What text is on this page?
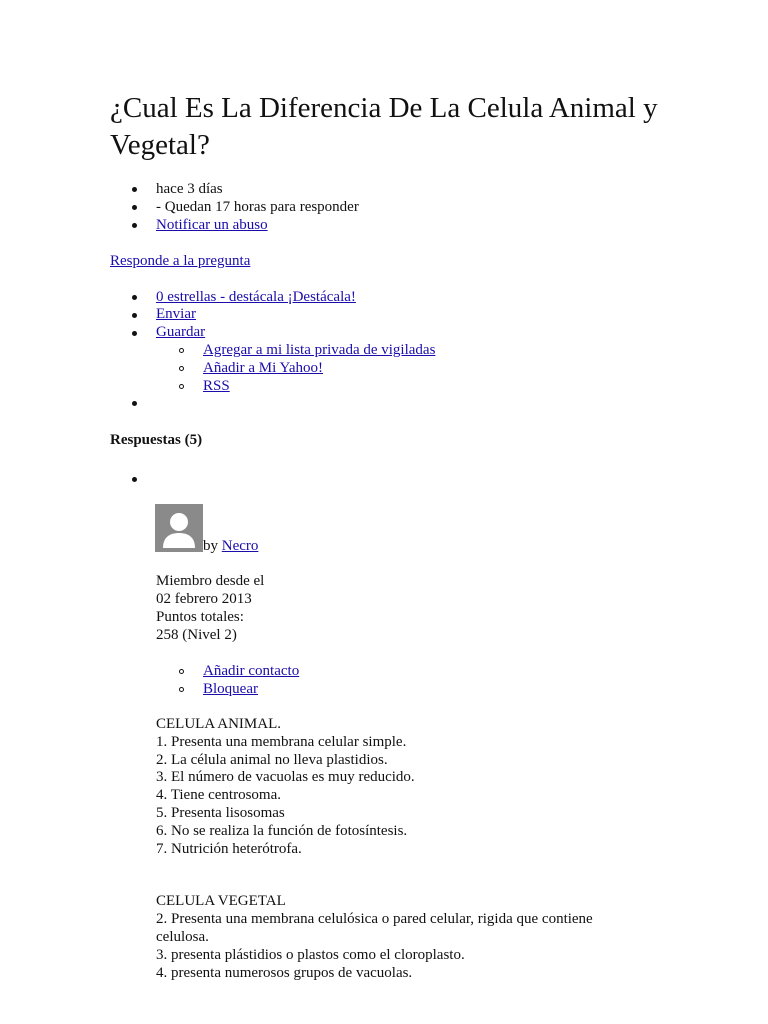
¿Cual Es La Diferencia De La Celula Animal y Vegetal?
hace 3 días
- Quedan 17 horas para responder
Notificar un abuso
Responde a la pregunta
0 estrellas - destácala ¡Destácala!
Enviar
Guardar
Agregar a mi lista privada de vigiladas
Añadir a Mi Yahoo!
RSS
Respuestas (5)
by Necro
Miembro desde el
02 febrero 2013
Puntos totales:
258 (Nivel 2)
Añadir contacto
Bloquear
CELULA ANIMAL.
1. Presenta una membrana celular simple.
2. La célula animal no lleva plastidios.
3. El número de vacuolas es muy reducido.
4. Tiene centrosoma.
5. Presenta lisosomas
6. No se realiza la función de fotosíntesis.
7. Nutrición heterótrofa.
CELULA VEGETAL
2. Presenta una membrana celulósica o pared celular, rigida que contiene celulosa.
3. presenta plástidios o plastos como el cloroplasto.
4. presenta numerosos grupos de vacuolas.
